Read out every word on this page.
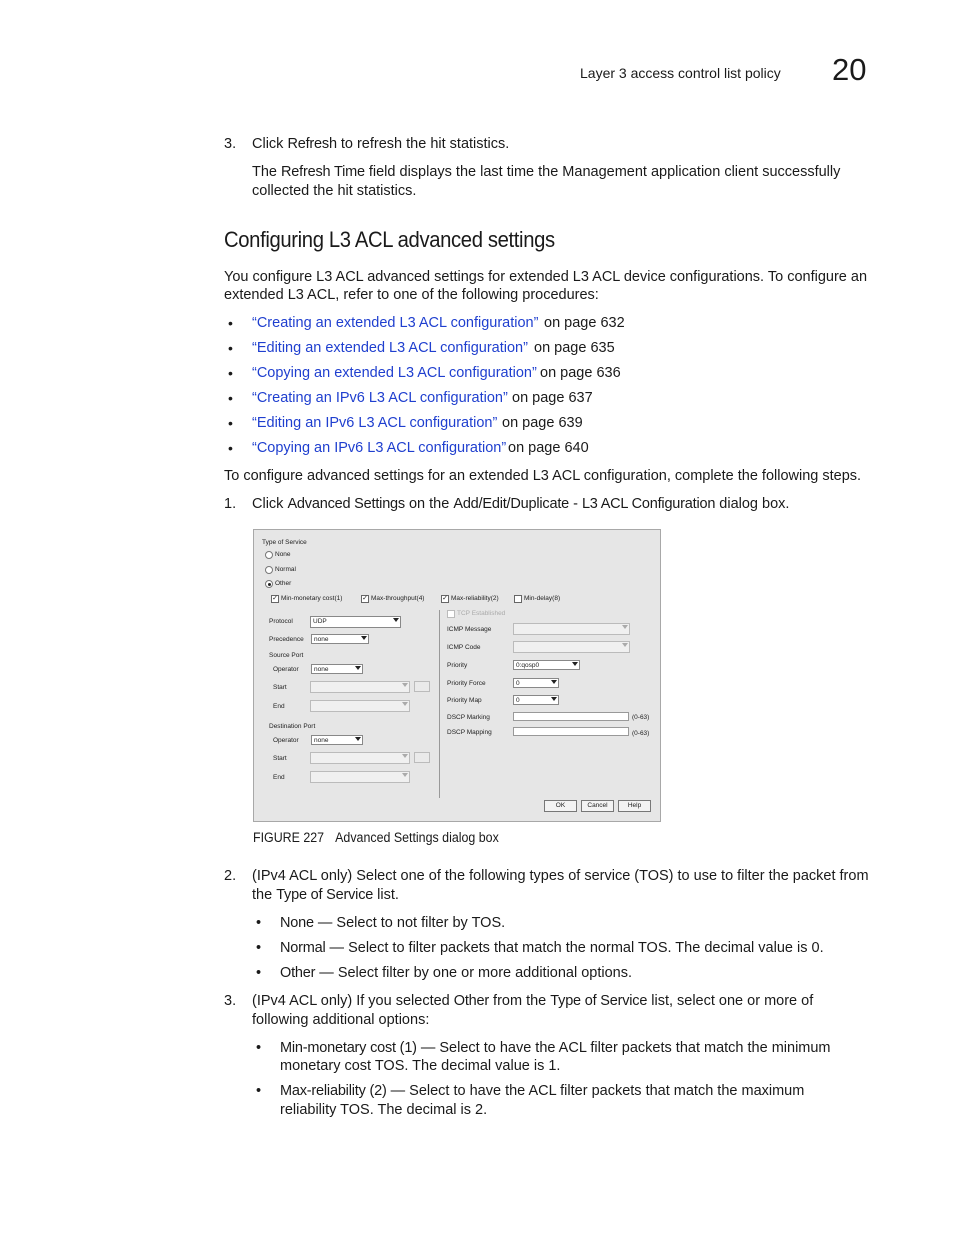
Layer 3 access control list policy 20
3. Click Refresh to refresh the hit statistics.
The Refresh Time field displays the last time the Management application client successfully
collected the hit statistics.
Configuring L3 ACL advanced settings
You configure L3 ACL advanced settings for extended L3 ACL device configurations. To configure an
extended L3 ACL, refer to one of the following procedures:
• “Creating an extended L3 ACL configuration”
• “Editing an extended L3 ACL configuration”
• “Copying an extended L3 ACL configuration”
• “Creating an IPv6 L3 ACL configuration”
• “Editing an IPv6 L3 ACL configuration”
• “Copying an IPv6 L3 ACL configuration”
on page 632
on page 635
on page 636
on page 637
on page 639
on page 640
To configure advanced settings for an extended L3 ACL configuration, complete the following steps.
1. Click Advanced Settings on the Add/Edit/Duplicate - L3 ACL Configuration dialog box.
Type of Service
None
Normal
Other
✓ Min-monetary cost(1)	✓ Max-throughput(4)	✓ Max-reliability(2)	Min-delay(8)
Protocol	UDP
Precedence none
Source Port
Operator none
Start
End
Destination Port
Operator none
Start
End
TCP Established
ICMP Message
ICMP Code
Priority	0:qosp0
Priority Force	0
Priority Map	0
DSCP Marking	(0-63)
DSCP Mapping	(0-63)
OK	Cancel	Help
FIGURE 227 Advanced Settings dialog box
2. (IPv4 ACL only) Select one of the following types of service (TOS) to use to filter the packet from
the Type of Service list.
• None — Select to not filter by TOS.
• Normal — Select to filter packets that match the normal TOS. The decimal value is 0.
• Other — Select filter by one or more additional options.
3. (IPv4 ACL only) If you selected Other from the Type of Service list, select one or more of
following additional options:
• Min-monetary cost (1) — Select to have the ACL filter packets that match the minimum
monetary cost TOS. The decimal value is 1.
• Max-reliability (2) — Select to have the ACL filter packets that match the maximum
reliability TOS. The decimal is 2.
